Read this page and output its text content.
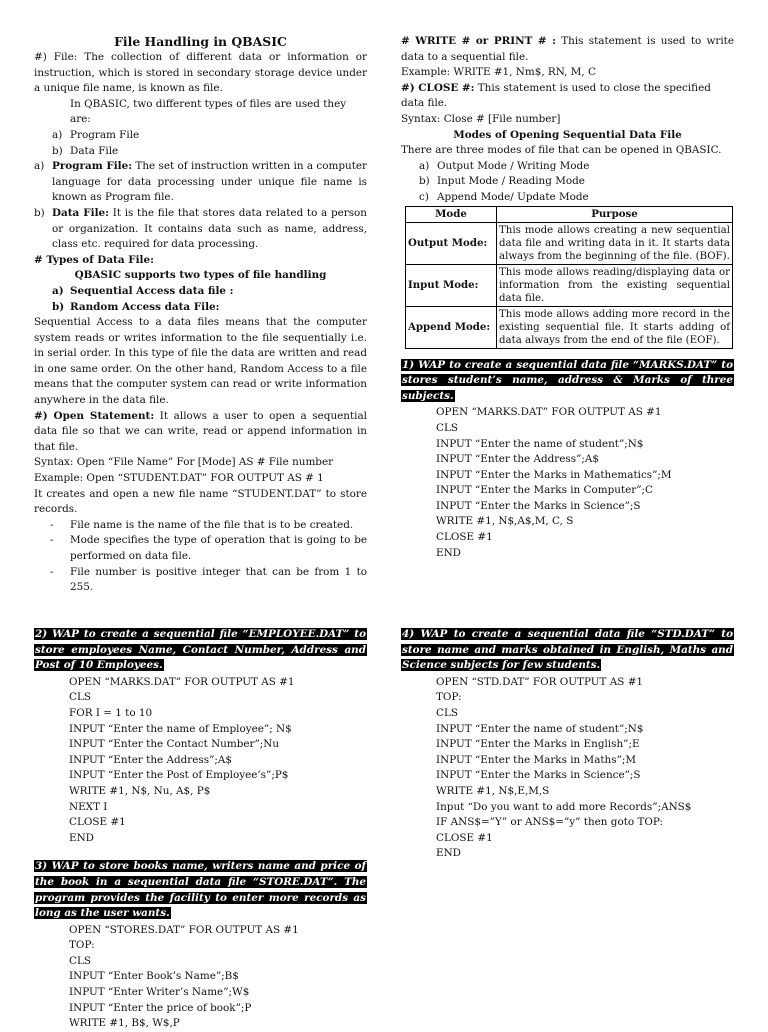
File Handling in QBASIC

#) File: The collection of different data or information or instruction, which is stored in secondary storage device under a unique file name, is known as file.

In QBASIC, two different types of files are used they are:

a) Program File
b) Data File
a) Program File: The set of instruction written in a computer language for data processing under unique file name is known as Program file.
b) Data File: It is the file that stores data related to a person or organization. It contains data such as name, address, class etc. required for data processing.
# Types of Data File:
QBASIC supports two types of file handling
a) Sequential Access data file :
b) Random Access data File:

Sequential Access to a data files means that the computer system reads or writes information to the file sequentially i.e. in serial order. In this type of file the data are written and read in one same order. On the other hand, Random Access to a file means that the computer system can read or write information anywhere in the data file.

#) Open Statement: It allows a user to open a sequential data file so that we can write, read or append information in that file.

Syntax: Open “File Name” For [Mode] AS # File number
Example: Open “STUDENT.DAT” FOR OUTPUT AS # 1

It creates and open a new file name “STUDENT.DAT” to store records.

-	File name is the name of the file that is to be created.
-	Mode specifies the type of operation that is going to be performed on data file.
-	File number is positive integer that can be from 1 to 255.

# WRITE # or PRINT # : This statement is used to write data to a sequential file.

Example: WRITE #1, Nm$, RN, M, C

#) CLOSE #: This statement is used to close the specified data file.

Syntax: Close # [File number]
Modes of Opening Sequential Data File
There are three modes of file that can be opened in QBASIC.
a) Output Mode / Writing Mode
b) Input Mode / Reading Mode
c) Append Mode/ Update Mode
Mode	Purpose
Output Mode:	This mode allows creating a new sequential data file and writing data in it. It starts data always from the beginning of the file. (BOF).
Input Mode:	This mode allows reading/displaying data or information from the existing sequential data file.
Append Mode:	This mode allows adding more record in the existing sequential file. It starts adding of data always from the end of the file (EOF).
1) WAP to create a sequential data file “MARKS.DAT” to stores student’s name, address & Marks of three subjects.
OPEN “MARKS.DAT” FOR OUTPUT AS #1
CLS
INPUT “Enter the name of student”;N$
INPUT “Enter the Address”;A$
INPUT “Enter the Marks in Mathematics”;M
INPUT “Enter the Marks in Computer”;C
INPUT “Enter the Marks in Science”;S
WRITE #1, N$,A$,M, C, S
CLOSE #1
END
2) WAP to create a sequential file “EMPLOYEE.DAT” to store employees Name, Contact Number, Address and Post of 10 Employees.
OPEN “MARKS.DAT” FOR OUTPUT AS #1
CLS
FOR I = 1 to 10
INPUT “Enter the name of Employee”; N$
INPUT “Enter the Contact Number”;Nu
INPUT “Enter the Address”;A$
INPUT “Enter the Post of Employee’s”;P$
WRITE #1, N$, Nu, A$, P$
NEXT I
CLOSE #1
END
3) WAP to store books name, writers name and price of the book in a sequential data file “STORE.DAT”. The program provides the facility to enter more records as long as the user wants.
OPEN “STORES.DAT” FOR OUTPUT AS #1
TOP:
CLS
INPUT “Enter Book’s Name”;B$
INPUT “Enter Writer’s Name”;W$
INPUT “Enter the price of book”;P
WRITE #1, B$, W$,P
4) WAP to create a sequential data file “STD.DAT” to store name and marks obtained in English, Maths and Science subjects for few students.
OPEN “STD.DAT” FOR OUTPUT AS #1
TOP:
CLS
INPUT “Enter the name of student”;N$
INPUT “Enter the Marks in English”;E
INPUT “Enter the Marks in Maths”;M
INPUT “Enter the Marks in Science”;S
WRITE #1, N$,E,M,S
Input “Do you want to add more Records”;ANS$
IF ANS$=”Y” or ANS$=”y” then goto TOP:
CLOSE #1
END
